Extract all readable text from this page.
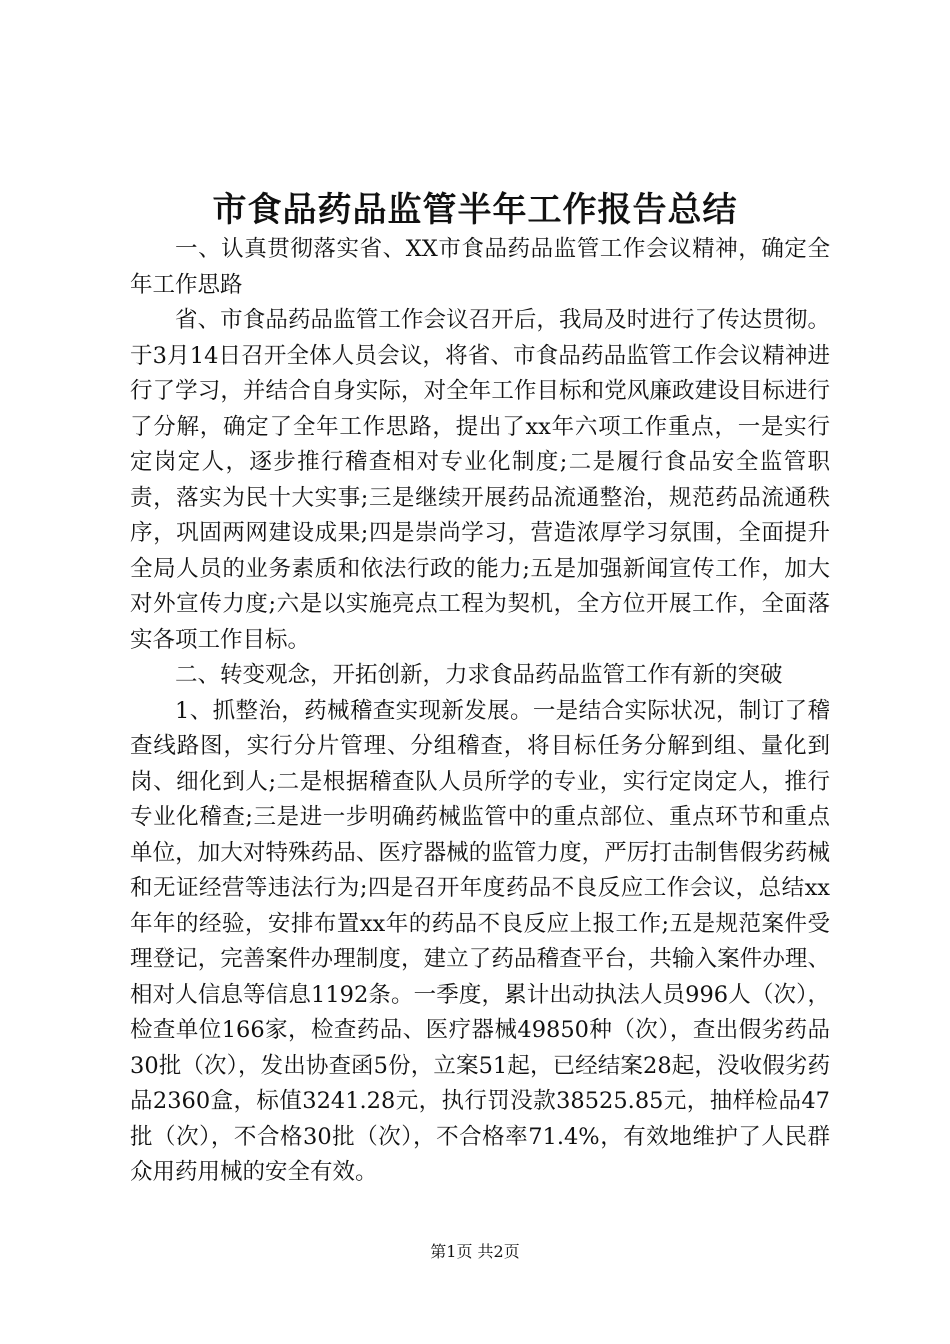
市食品药品监管半年工作报告总结

一、认真贯彻落实省、XX市食品药品监管工作会议精神，确定全年工作思路

省、市食品药品监管工作会议召开后，我局及时进行了传达贯彻。于3月14日召开全体人员会议，将省、市食品药品监管工作会议精神进行了学习，并结合自身实际，对全年工作目标和党风廉政建设目标进行了分解，确定了全年工作思路，提出了xx年六项工作重点，一是实行定岗定人，逐步推行稽查相对专业化制度;二是履行食品安全监管职责，落实为民十大实事;三是继续开展药品流通整治，规范药品流通秩序，巩固两网建设成果;四是崇尚学习，营造浓厚学习氛围，全面提升全局人员的业务素质和依法行政的能力;五是加强新闻宣传工作，加大对外宣传力度;六是以实施亮点工程为契机，全方位开展工作，全面落实各项工作目标。

二、转变观念，开拓创新，力求食品药品监管工作有新的突破

1、抓整治，药械稽查实现新发展。一是结合实际状况，制订了稽查线路图，实行分片管理、分组稽查，将目标任务分解到组、量化到岗、细化到人;二是根据稽查队人员所学的专业，实行定岗定人，推行专业化稽查;三是进一步明确药械监管中的重点部位、重点环节和重点单位，加大对特殊药品、医疗器械的监管力度，严厉打击制售假劣药械和无证经营等违法行为;四是召开年度药品不良反应工作会议，总结xx年年的经验，安排布置xx年的药品不良反应上报工作;五是规范案件受理登记，完善案件办理制度，建立了药品稽查平台，共输入案件办理、相对人信息等信息1192条。一季度，累计出动执法人员996人（次），检查单位166家，检查药品、医疗器械49850种（次），查出假劣药品30批（次），发出协查函5份，立案51起，已经结案28起，没收假劣药品2360盒，标值3241.28元，执行罚没款38525.85元，抽样检品47批（次），不合格30批（次），不合格率71.4%，有效地维护了人民群众用药用械的安全有效。

第1页 共2页
